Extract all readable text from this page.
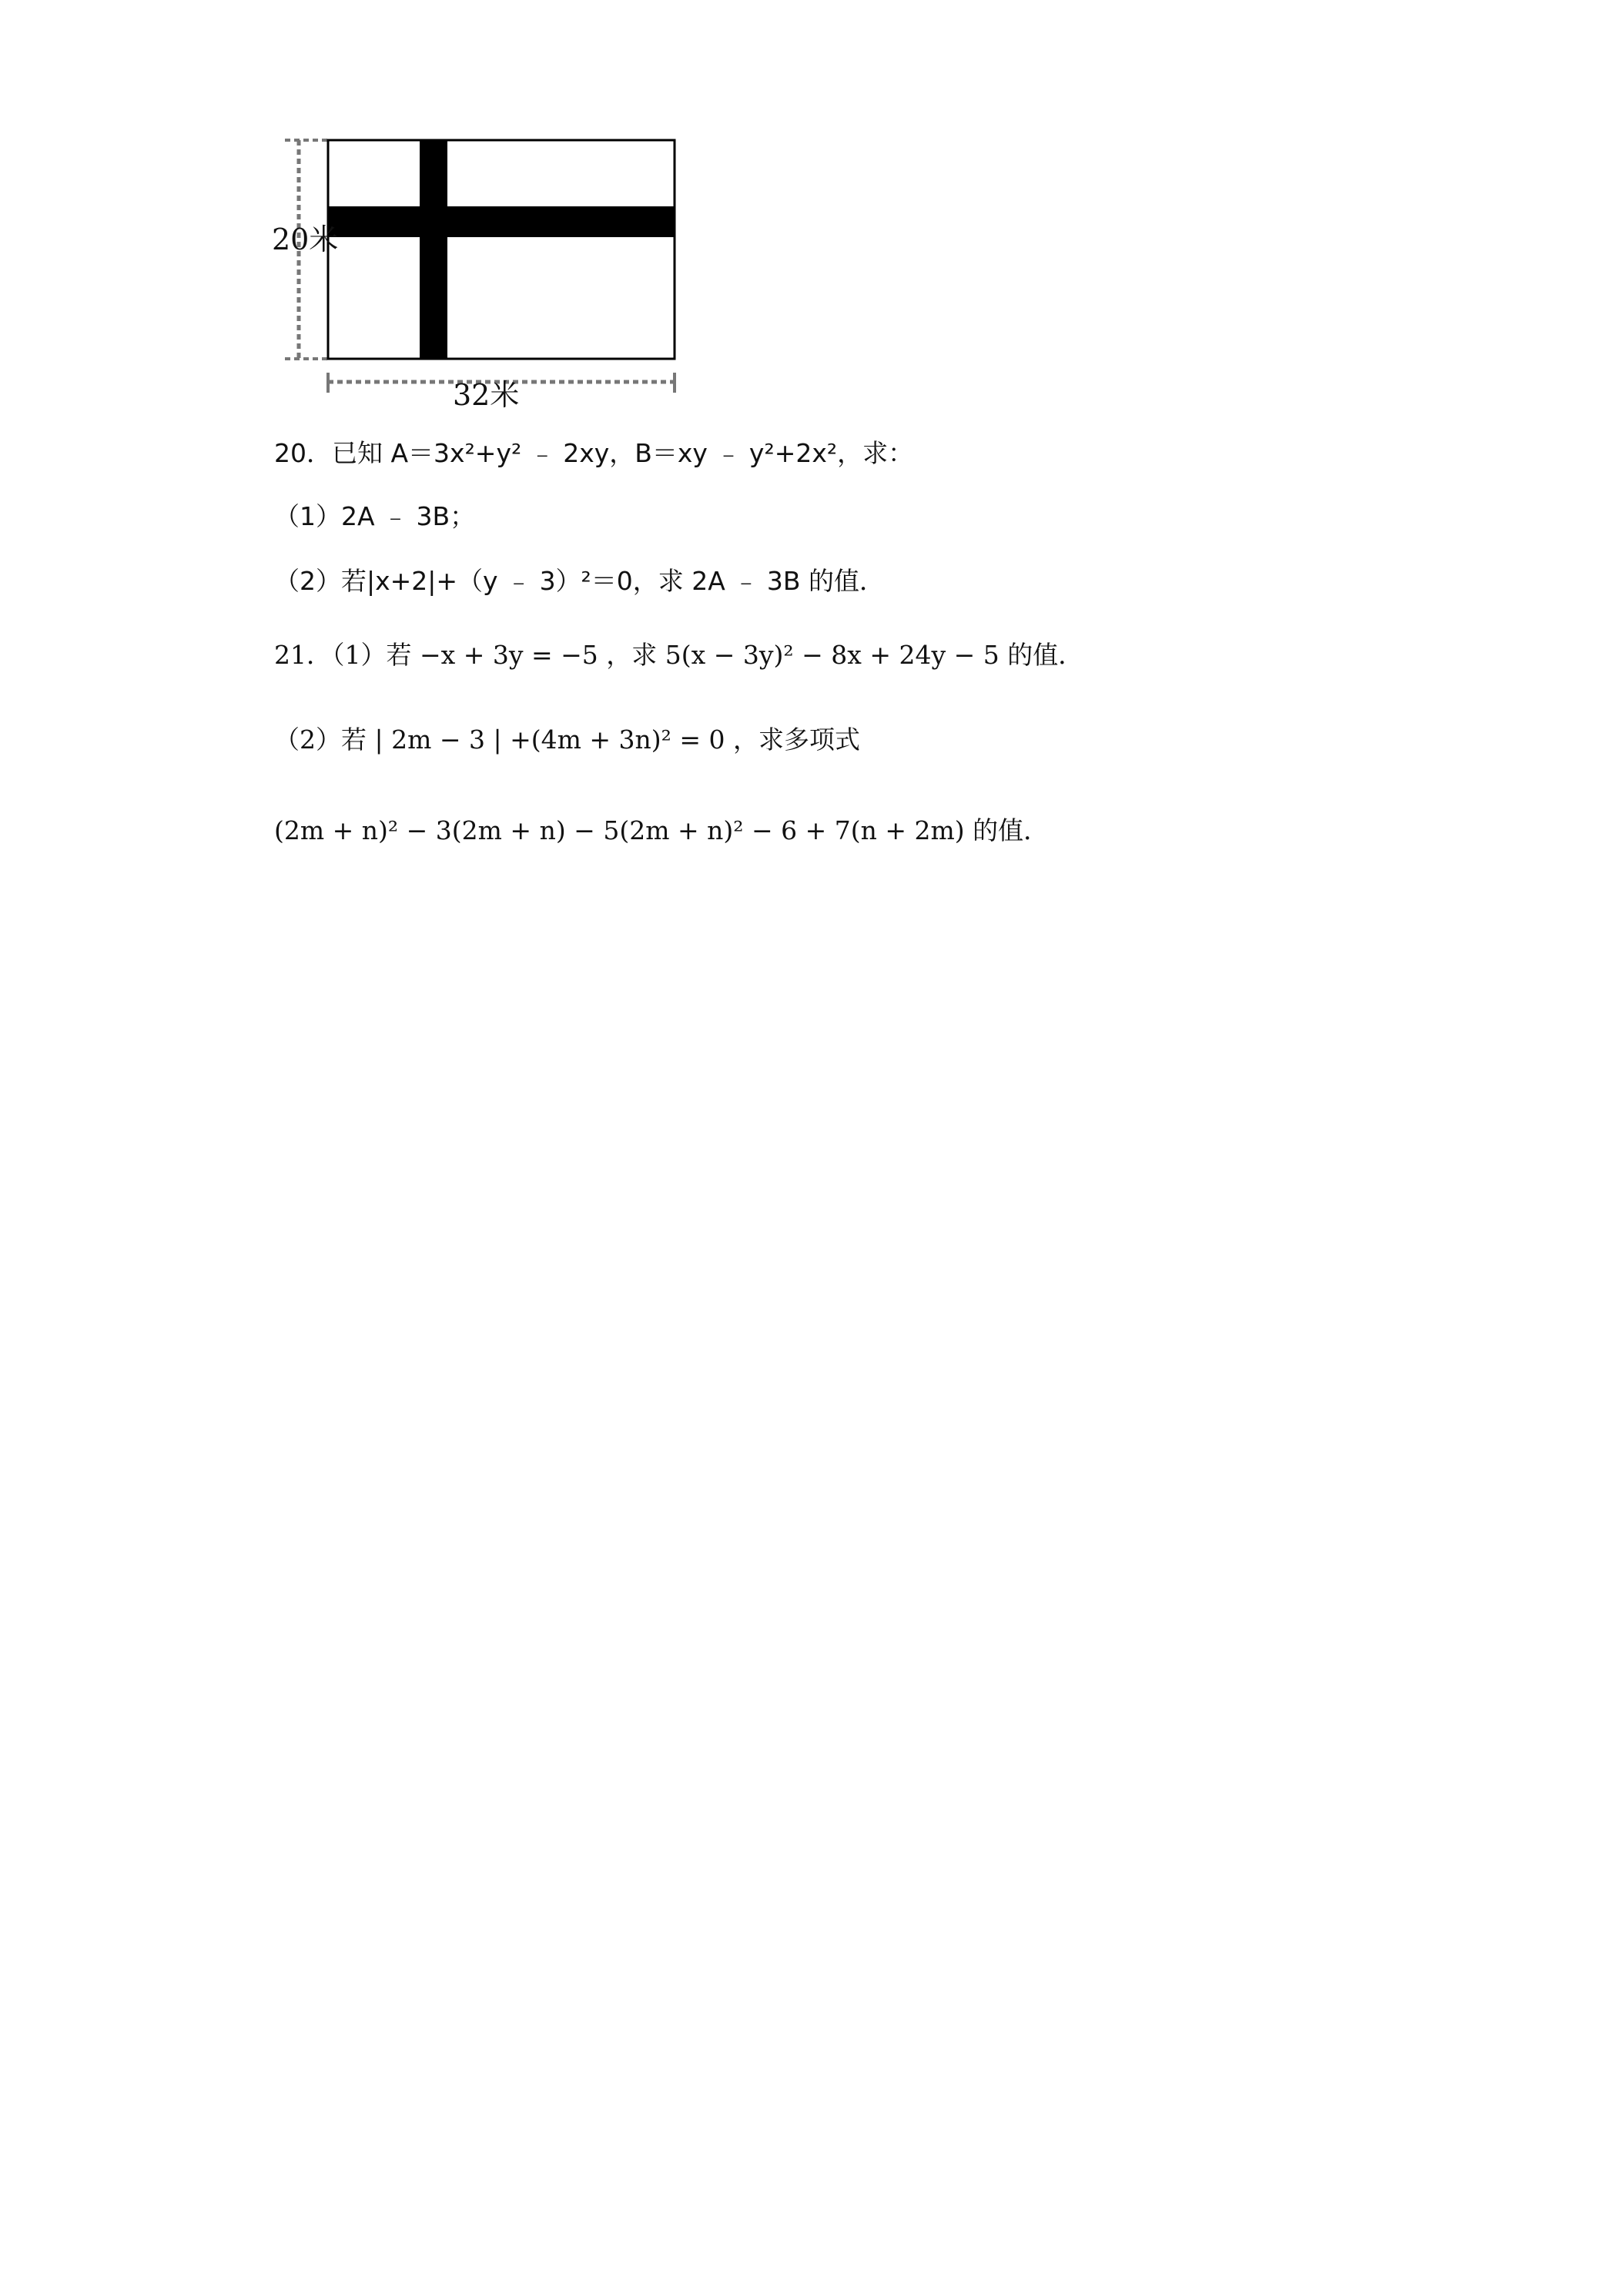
20米
32米
20．已知 A＝3x²+y² ﹣ 2xy，B＝xy ﹣ y²+2x²，求：
（1）2A ﹣ 3B；
（2）若|x+2|+（y ﹣ 3）²＝0，求 2A ﹣ 3B 的值．
21．（1）若 −x + 3y = −5 ，求 5(x − 3y)² − 8x + 24y − 5 的值．
（2）若 | 2m − 3 | +(4m + 3n)² = 0 ，求多项式
(2m + n)² − 3(2m + n) − 5(2m + n)² − 6 + 7(n + 2m) 的值．
